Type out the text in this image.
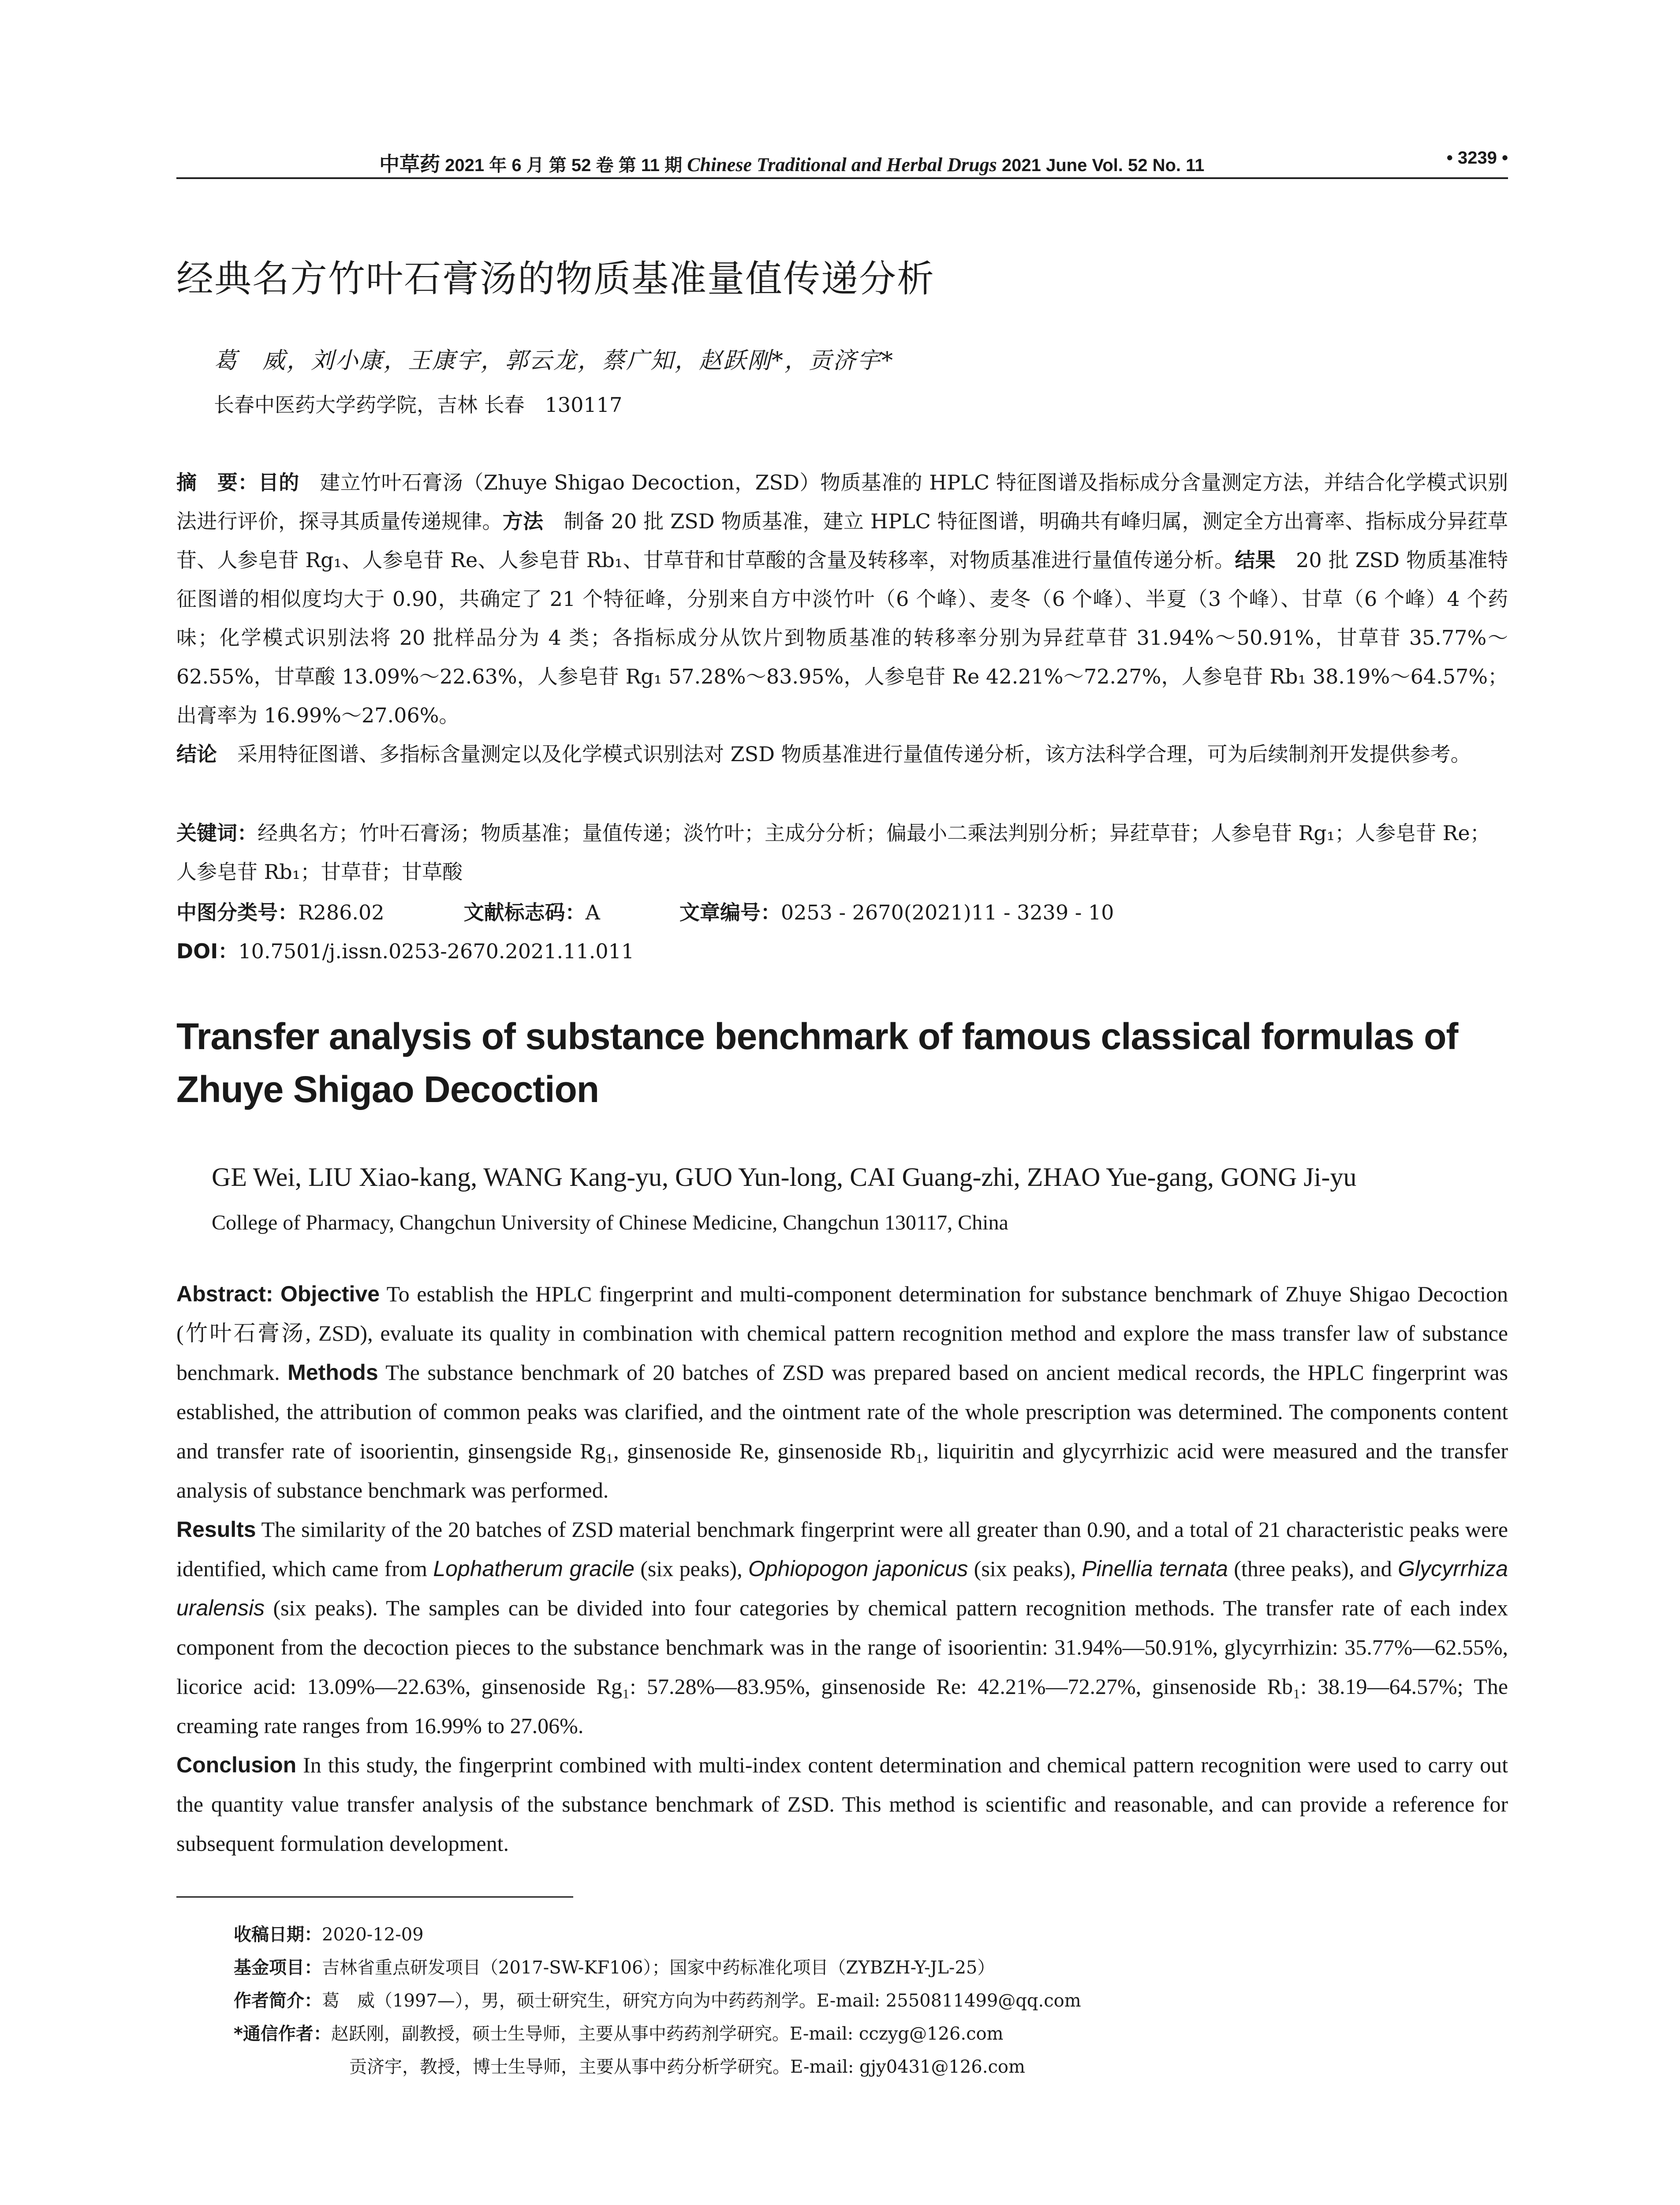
中草药 2021 年 6 月 第 52 卷 第 11 期 Chinese Traditional and Herbal Drugs 2021 June Vol. 52 No. 11	• 3239 •
经典名方竹叶石膏汤的物质基准量值传递分析
葛　威，刘小康，王康宇，郭云龙，蔡广知，赵跃刚*，贡济宇*
长春中医药大学药学院，吉林 长春　130117
摘　要：目的　建立竹叶石膏汤（Zhuye Shigao Decoction，ZSD）物质基准的 HPLC 特征图谱及指标成分含量测定方法，并结合化学模式识别法进行评价，探寻其质量传递规律。方法　制备 20 批 ZSD 物质基准，建立 HPLC 特征图谱，明确共有峰归属，测定全方出膏率、指标成分异荭草苷、人参皂苷 Rg₁、人参皂苷 Re、人参皂苷 Rb₁、甘草苷和甘草酸的含量及转移率，对物质基准进行量值传递分析。结果　20 批 ZSD 物质基准特征图谱的相似度均大于 0.90，共确定了 21 个特征峰，分别来自方中淡竹叶（6 个峰）、麦冬（6 个峰）、半夏（3 个峰）、甘草（6 个峰）4 个药味；化学模式识别法将 20 批样品分为 4 类；各指标成分从饮片到物质基准的转移率分别为异荭草苷 31.94%～50.91%，甘草苷 35.77%～62.55%，甘草酸 13.09%～22.63%，人参皂苷 Rg₁ 57.28%～83.95%，人参皂苷 Re 42.21%～72.27%，人参皂苷 Rb₁ 38.19%～64.57%；出膏率为 16.99%～27.06%。
结论　采用特征图谱、多指标含量测定以及化学模式识别法对 ZSD 物质基准进行量值传递分析，该方法科学合理，可为后续制剂开发提供参考。
关键词：经典名方；竹叶石膏汤；物质基准；量值传递；淡竹叶；主成分分析；偏最小二乘法判别分析；异荭草苷；人参皂苷 Rg₁；人参皂苷 Re；人参皂苷 Rb₁；甘草苷；甘草酸
中图分类号：R286.02	文献标志码：A	文章编号：0253 - 2670(2021)11 - 3239 - 10
DOI：10.7501/j.issn.0253-2670.2021.11.011
Transfer analysis of substance benchmark of famous classical formulas of Zhuye Shigao Decoction
GE Wei, LIU Xiao-kang, WANG Kang-yu, GUO Yun-long, CAI Guang-zhi, ZHAO Yue-gang, GONG Ji-yu
College of Pharmacy, Changchun University of Chinese Medicine, Changchun 130117, China
Abstract: Objective To establish the HPLC fingerprint and multi-component determination for substance benchmark of Zhuye Shigao Decoction (竹叶石膏汤, ZSD), evaluate its quality in combination with chemical pattern recognition method and explore the mass transfer law of substance benchmark. Methods The substance benchmark of 20 batches of ZSD was prepared based on ancient medical records, the HPLC fingerprint was established, the attribution of common peaks was clarified, and the ointment rate of the whole prescription was determined. The components content and transfer rate of isoorientin, ginsengside Rg₁, ginsenoside Re, ginsenoside Rb₁, liquiritin and glycyrrhizic acid were measured and the transfer analysis of substance benchmark was performed.
Results The similarity of the 20 batches of ZSD material benchmark fingerprint were all greater than 0.90, and a total of 21 characteristic peaks were identified, which came from Lophatherum gracile (six peaks), Ophiopogon japonicus (six peaks), Pinellia ternata (three peaks), and Glycyrrhiza uralensis (six peaks). The samples can be divided into four categories by chemical pattern recognition methods. The transfer rate of each index component from the decoction pieces to the substance benchmark was in the range of isoorientin: 31.94%—50.91%, glycyrrhizin: 35.77%—62.55%, licorice acid: 13.09%—22.63%, ginsenoside Rg₁: 57.28%—83.95%, ginsenoside Re: 42.21%—72.27%, ginsenoside Rb₁: 38.19—64.57%; The creaming rate ranges from 16.99% to 27.06%.
Conclusion In this study, the fingerprint combined with multi-index content determination and chemical pattern recognition were used to carry out the quantity value transfer analysis of the substance benchmark of ZSD. This method is scientific and reasonable, and can provide a reference for subsequent formulation development.

收稿日期：2020-12-09

基金项目：吉林省重点研发项目（2017-SW-KF106）；国家中药标准化项目（ZYBZH-Y-JL-25）

作者简介：葛　威（1997—），男，硕士研究生，研究方向为中药药剂学。E-mail: 2550811499@qq.com

*通信作者：赵跃刚，副教授，硕士生导师，主要从事中药药剂学研究。E-mail: cczyg@126.com

贡济宇，教授，博士生导师，主要从事中药分析学研究。E-mail: gjy0431@126.com
